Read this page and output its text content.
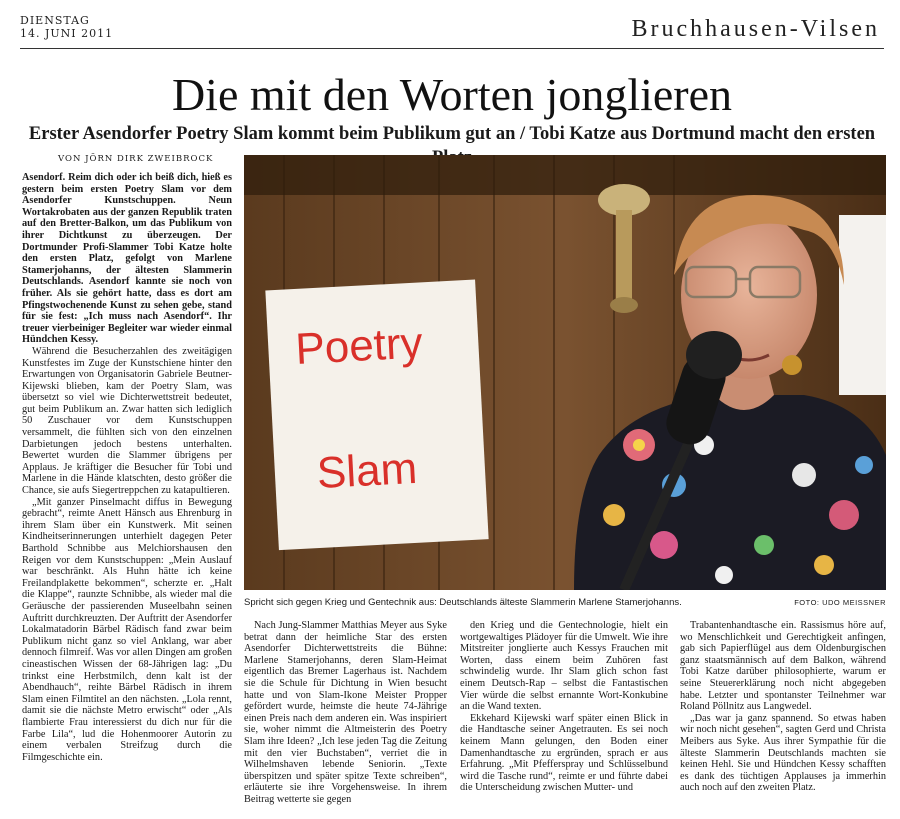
DIENSTAG
14. JUNI 2011	Bruchhausen-Vilsen
Die mit den Worten jonglieren
Erster Asendorfer Poetry Slam kommt beim Publikum gut an / Tobi Katze aus Dortmund macht den ersten
VON JÖRN DIRK ZWEIBROCK

Asendorf. Reim dich oder ich beiß dich, hieß es gestern beim ersten Poetry Slam vor dem Asendorfer Kunstschuppen. Neun Wortakrobaten aus der ganzen Republik traten auf den Bretter-Balkon, um das Publikum von ihrer Dichtkunst zu überzeugen. Der Dortmunder Profi-Slammer Tobi Katze holte den ersten Platz, gefolgt von Marlene Stamerjohanns, der ältesten Slammerin Deutschlands. Asendorf kannte sie noch von früher. Als sie gehört hatte, dass es dort am Pfingstwochenende Kunst zu sehen gebe, stand für sie fest: „Ich muss nach Asendorf“. Ihr treuer vierbeiniger Begleiter war wieder einmal Hündchen Kessy.

Während die Besucherzahlen des zweitägigen Kunstfestes im Zuge der Kunstschiene hinter den Erwartungen von Organisatorin Gabriele Beutner-Kijewski blieben, kam der Poetry Slam, was übersetzt so viel wie Dichterwettstreit bedeutet, gut beim Publikum an. Zwar hatten sich lediglich 50 Zuschauer vor dem Kunstschuppen versammelt, die fühlten sich von den einzelnen Darbietungen jedoch bestens unterhalten. Bewertet wurden die Slammer übrigens per Applaus. Je kräftiger die Besucher für Tobi und Marlene in die Hände klatschten, desto größer die Chance, sie aufs Siegertreppchen zu katapultieren.

„Mit ganzer Pinselmacht diffus in Bewegung gebracht“, reimte Anett Hänsch aus Ehrenburg in ihrem Slam über ein Kunstwerk. Mit seinen Kindheitserinnerungen unterhielt dagegen Peter Barthold Schnibbe aus Melchiorshausen den Reigen vor dem Kunstschuppen: „Mein Auslauf war beschränkt. Als Huhn hätte ich keine Freilandplakette bekommen“, scherzte er. „Halt die Klappe“, raunzte Schnibbe, als wieder mal die Geräusche der passierenden Museelbahn seinen Auftritt durchkreuzten. Der Auftritt der Asendorfer Lokalmatadorin Bärbel Rädisch fand zwar beim Publikum nicht ganz so viel Anklang, war aber dennoch filmreif. Was vor allen Dingen am großen cineastischen Wissen der 68-Jährigen lag: „Du trinkst eine Herbstmilch, denn kalt ist der Abendhauch“, reihte Bärbel Rädisch in ihrem Slam einen Filmtitel an den nächsten. „Lola rennt, damit sie die nächste Metro erwischt“ oder „Als flambierte Frau interessierst du dich nur für die Farbe Lila“, lud die Hohenmoorer Autorin zu einem verbalen Streifzug durch die Filmgeschichte ein.

Poetry
Slam
Spricht sich gegen Krieg und Gentechnik aus: Deutschlands älteste Slammerin Marlene Stamerjohanns.	FOTO: UDO MEISSNER

Nach Jung-Slammer Matthias Meyer aus Syke betrat dann der heimliche Star des ersten Asendorfer Dichterwettstreits die Bühne: Marlene Stamerjohanns, deren Slam-Heimat eigentlich das Bremer Lagerhaus ist. Nachdem sie die Schule für Dichtung in Wien besucht hatte und von Slam-Ikone Meister Propper gefördert wurde, heimste die heute 74-Jährige einen Preis nach dem anderen ein. Was inspiriert sie, woher nimmt die Altmeisterin des Poetry Slam ihre Ideen? „Ich lese jeden Tag die Zeitung mit den vier Buchstaben“, verriet die in Wilhelmshaven lebende Seniorin. „Texte überspitzen und später spitze Texte schreiben“, erläuterte sie ihre Vorgehensweise. In ihrem Beitrag wetterte sie gegen

den Krieg und die Gentechnologie, hielt ein wortgewaltiges Plädoyer für die Umwelt. Wie ihre Mitstreiter jonglierte auch Kessys Frauchen mit Worten, dass einem beim Zuhören fast schwindelig wurde. Ihr Slam glich schon fast einem Deutsch-Rap – selbst die Fantastischen Vier würde die selbst ernannte Wort-Konkubine an die Wand texten.

Ekkehard Kijewski warf später einen Blick in die Handtasche seiner Angetrauten. Es sei noch keinem Mann gelungen, den Boden einer Damenhandtasche zu ergründen, sprach er aus Erfahrung. „Mit Pfefferspray und Schlüsselbund wird die Tasche rund“, reimte er und führte dabei die Unterscheidung zwischen Mutter- und

Trabantenhandtasche ein. Rassismus höre auf, wo Menschlichkeit und Gerechtigkeit anfingen, gab sich Papierflügel aus dem Oldenburgischen ganz staatsmännisch auf dem Balkon, während Tobi Katze darüber philosophierte, warum er seine Steuererklärung noch nicht abgegeben habe. Letzter und spontanster Teilnehmer war Roland Pöllnitz aus Langwedel.

„Das war ja ganz spannend. So etwas haben wir noch nicht gesehen“, sagten Gerd und Christa Meibers aus Syke. Aus ihrer Sympathie für die älteste Slammerin Deutschlands machten sie keinen Hehl. Sie und Hündchen Kessy schafften es dank des tüchtigen Applauses ja immerhin auch noch auf den zweiten Platz.
